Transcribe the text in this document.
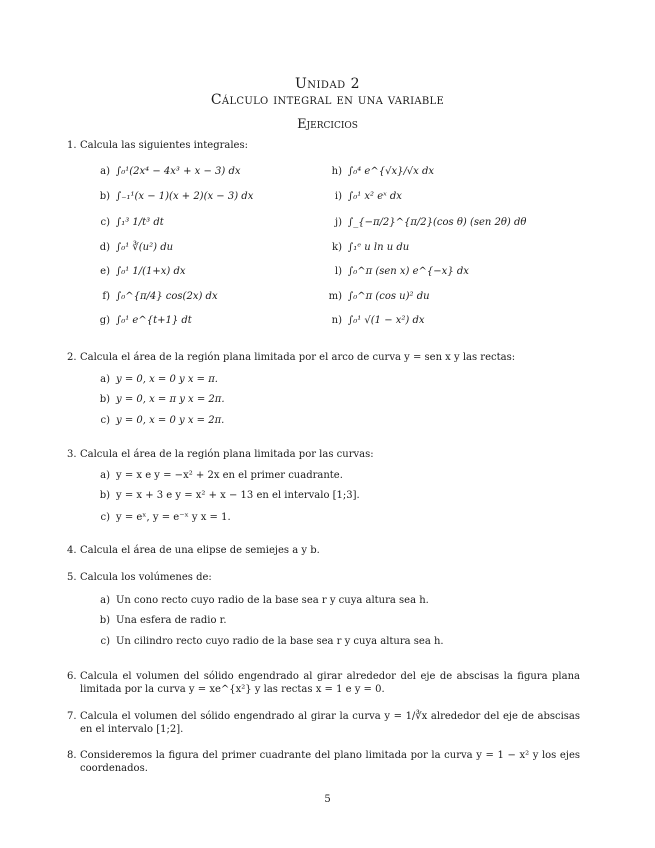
Unidad 2
Cálculo integral en una variable
Ejercicios
1. Calcula las siguientes integrales:
a) ∫₀¹(2x⁴ − 4x³ + x − 3) dx
b) ∫₋₁¹(x − 1)(x + 2)(x − 3) dx
c) ∫₁³ 1/t³ dt
d) ∫₀¹ ∛(u²) du
e) ∫₀¹ 1/(1+x) dx
f) ∫₀^{π/4} cos(2x) dx
g) ∫₀¹ e^{t+1} dt
h) ∫₀⁴ e^{√x}/√x dx
i) ∫₀¹ x² eˣ dx
j) ∫_{−π/2}^{π/2}(cos θ) (sen 2θ) dθ
k) ∫₁ᵉ u ln u du
l) ∫₀^π (sen x) e^{−x} dx
m) ∫₀^π (cos u)² du
n) ∫₀¹ √(1 − x²) dx
2. Calcula el área de la región plana limitada por el arco de curva y = sen x y las rectas:
a) y = 0, x = 0 y x = π.
b) y = 0, x = π y x = 2π.
c) y = 0, x = 0 y x = 2π.
3. Calcula el área de la región plana limitada por las curvas:
a) y = x e y = −x² + 2x en el primer cuadrante.
b) y = x + 3 e y = x² + x − 13 en el intervalo [1;3].
c) y = eˣ, y = e⁻ˣ y x = 1.
4. Calcula el área de una elipse de semiejes a y b.
5. Calcula los volúmenes de:
a) Un cono recto cuyo radio de la base sea r y cuya altura sea h.
b) Una esfera de radio r.
c) Un cilindro recto cuyo radio de la base sea r y cuya altura sea h.
6. Calcula el volumen del sólido engendrado al girar alrededor del eje de abscisas la figura plana limitada por la curva y = xe^{x²} y las rectas x = 1 e y = 0.
7. Calcula el volumen del sólido engendrado al girar la curva y = 1/∛x alrededor del eje de abscisas en el intervalo [1;2].
8. Consideremos la figura del primer cuadrante del plano limitada por la curva y = 1 − x² y los ejes coordenados.
5
